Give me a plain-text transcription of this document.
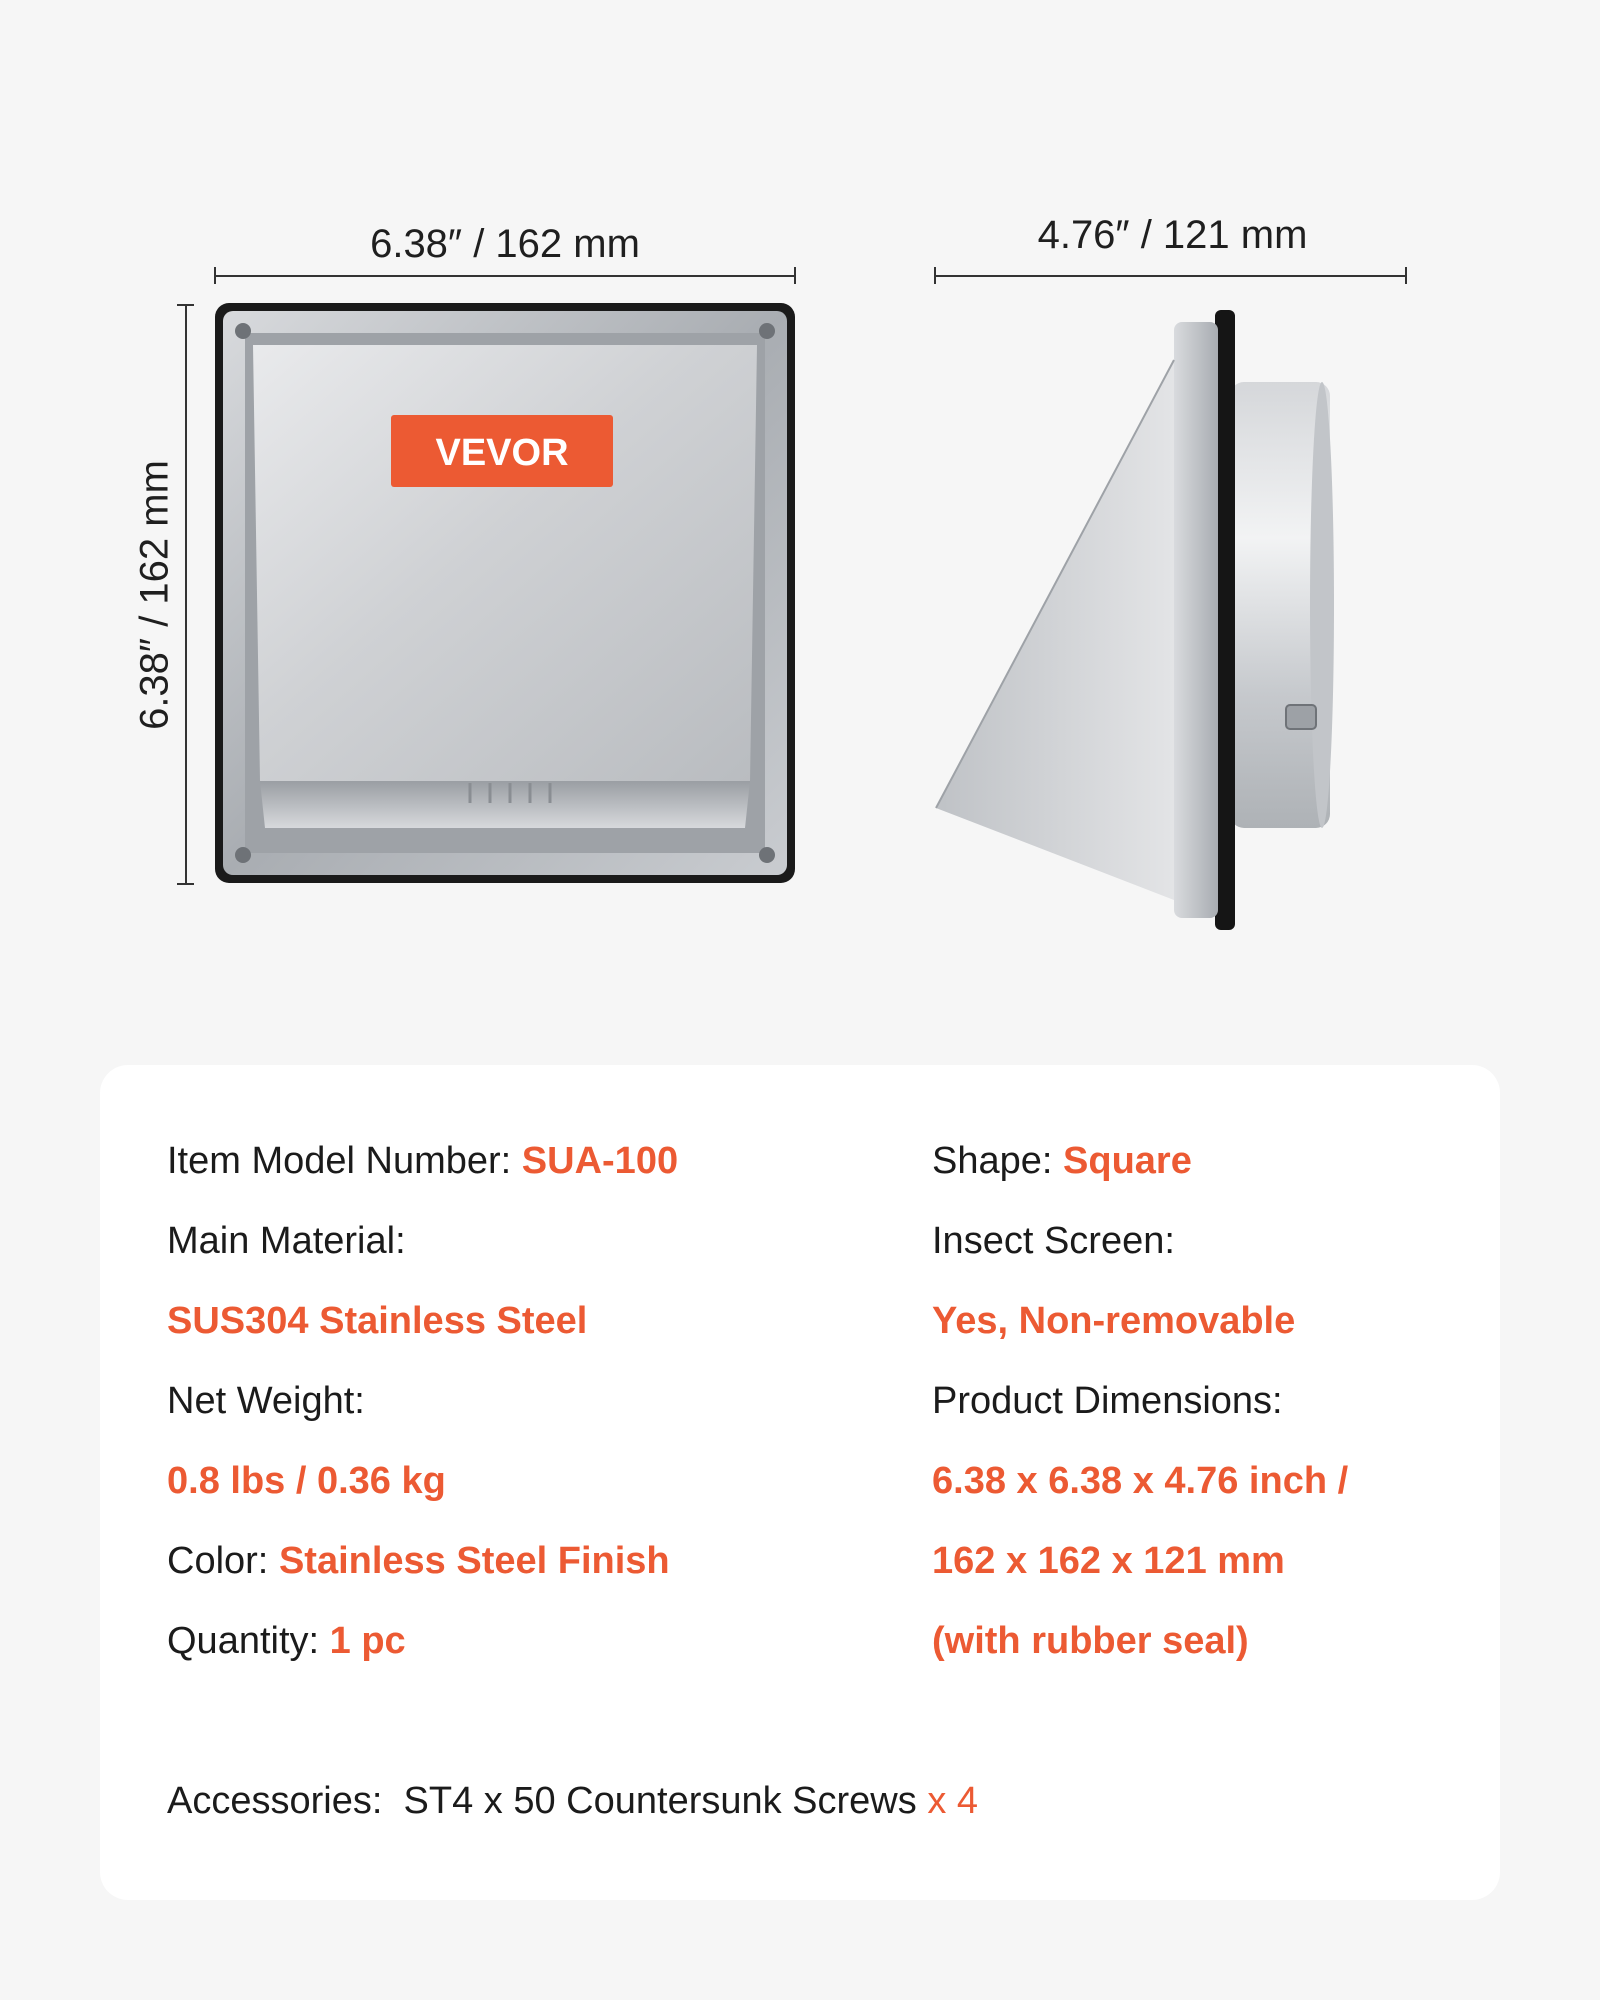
6.38″ / 162 mm	4.76″ / 121 mm
6.38″ / 162 mm
VEVOR
Item Model Number: SUA-100
Main Material:
SUS304 Stainless Steel
Net Weight:
0.8 lbs / 0.36 kg
Color: Stainless Steel Finish
Quantity: 1 pc
Shape: Square
Insect Screen:
Yes, Non-removable
Product Dimensions:
6.38 x 6.38 x 4.76 inch /
162 x 162 x 121 mm
(with rubber seal)
Accessories: ST4 x 50 Countersunk Screws x 4
